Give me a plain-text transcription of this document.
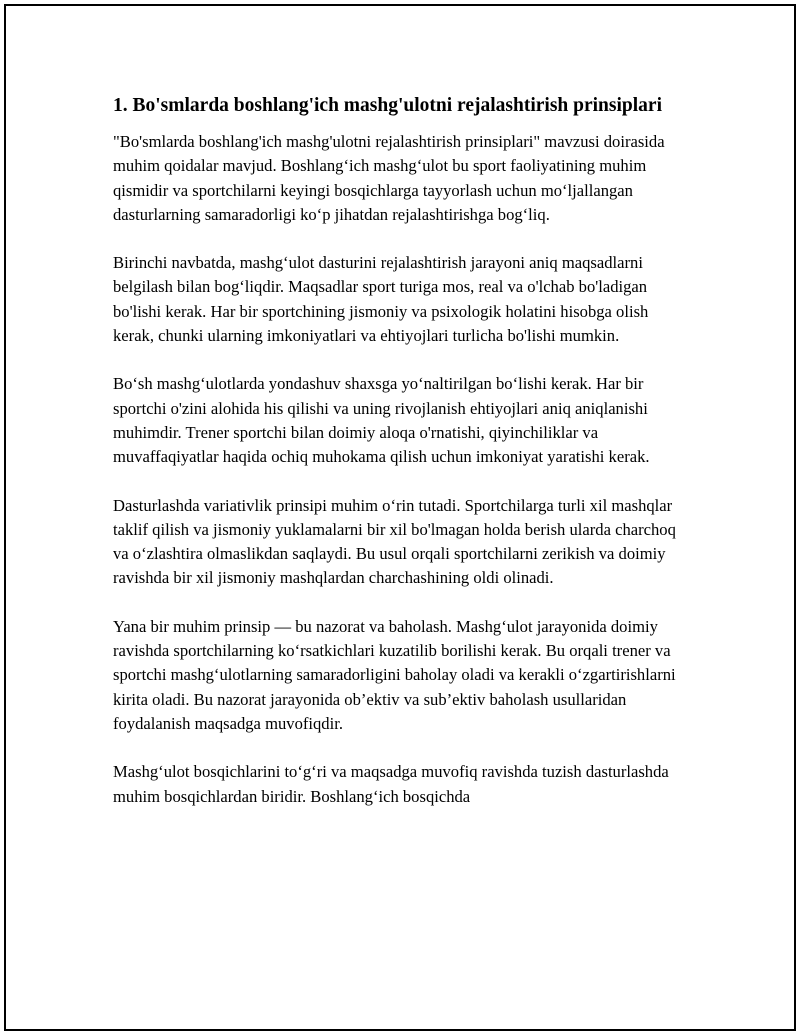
1. Bo'smlarda boshlang'ich mashg'ulotni rejalashtirish prinsiplari

"Bo'smlarda boshlang'ich mashg'ulotni rejalashtirish prinsiplari" mavzusi doirasida muhim qoidalar mavjud. Boshlang‘ich mashg‘ulot bu sport faoliyatining muhim qismidir va sportchilarni keyingi bosqichlarga tayyorlash uchun mo‘ljallangan dasturlarning samaradorligi ko‘p jihatdan rejalashtirishga bog‘liq.

Birinchi navbatda, mashg‘ulot dasturini rejalashtirish jarayoni aniq maqsadlarni belgilash bilan bog‘liqdir. Maqsadlar sport turiga mos, real va o'lchab bo'ladigan bo'lishi kerak. Har bir sportchining jismoniy va psixologik holatini hisobga olish kerak, chunki ularning imkoniyatlari va ehtiyojlari turlicha bo'lishi mumkin.

Bo‘sh mashg‘ulotlarda yondashuv shaxsga yo‘naltirilgan bo‘lishi kerak. Har bir sportchi o'zini alohida his qilishi va uning rivojlanish ehtiyojlari aniq aniqlanishi muhimdir. Trener sportchi bilan doimiy aloqa o'rnatishi, qiyinchiliklar va muvaffaqiyatlar haqida ochiq muhokama qilish uchun imkoniyat yaratishi kerak.

Dasturlashda variativlik prinsipi muhim o‘rin tutadi. Sportchilarga turli xil mashqlar taklif qilish va jismoniy yuklamalarni bir xil bo'lmagan holda berish ularda charchoq va o‘zlashtira olmaslikdan saqlaydi. Bu usul orqali sportchilarni zerikish va doimiy ravishda bir xil jismoniy mashqlardan charchashining oldi olinadi.

Yana bir muhim prinsip — bu nazorat va baholash. Mashg‘ulot jarayonida doimiy ravishda sportchilarning ko‘rsatkichlari kuzatilib borilishi kerak. Bu orqali trener va sportchi mashg‘ulotlarning samaradorligini baholay oladi va kerakli o‘zgartirishlarni kirita oladi. Bu nazorat jarayonida ob’ektiv va sub’ektiv baholash usullaridan foydalanish maqsadga muvofiqdir.

Mashg‘ulot bosqichlarini to‘g‘ri va maqsadga muvofiq ravishda tuzish dasturlashda muhim bosqichlardan biridir. Boshlang‘ich bosqichda
